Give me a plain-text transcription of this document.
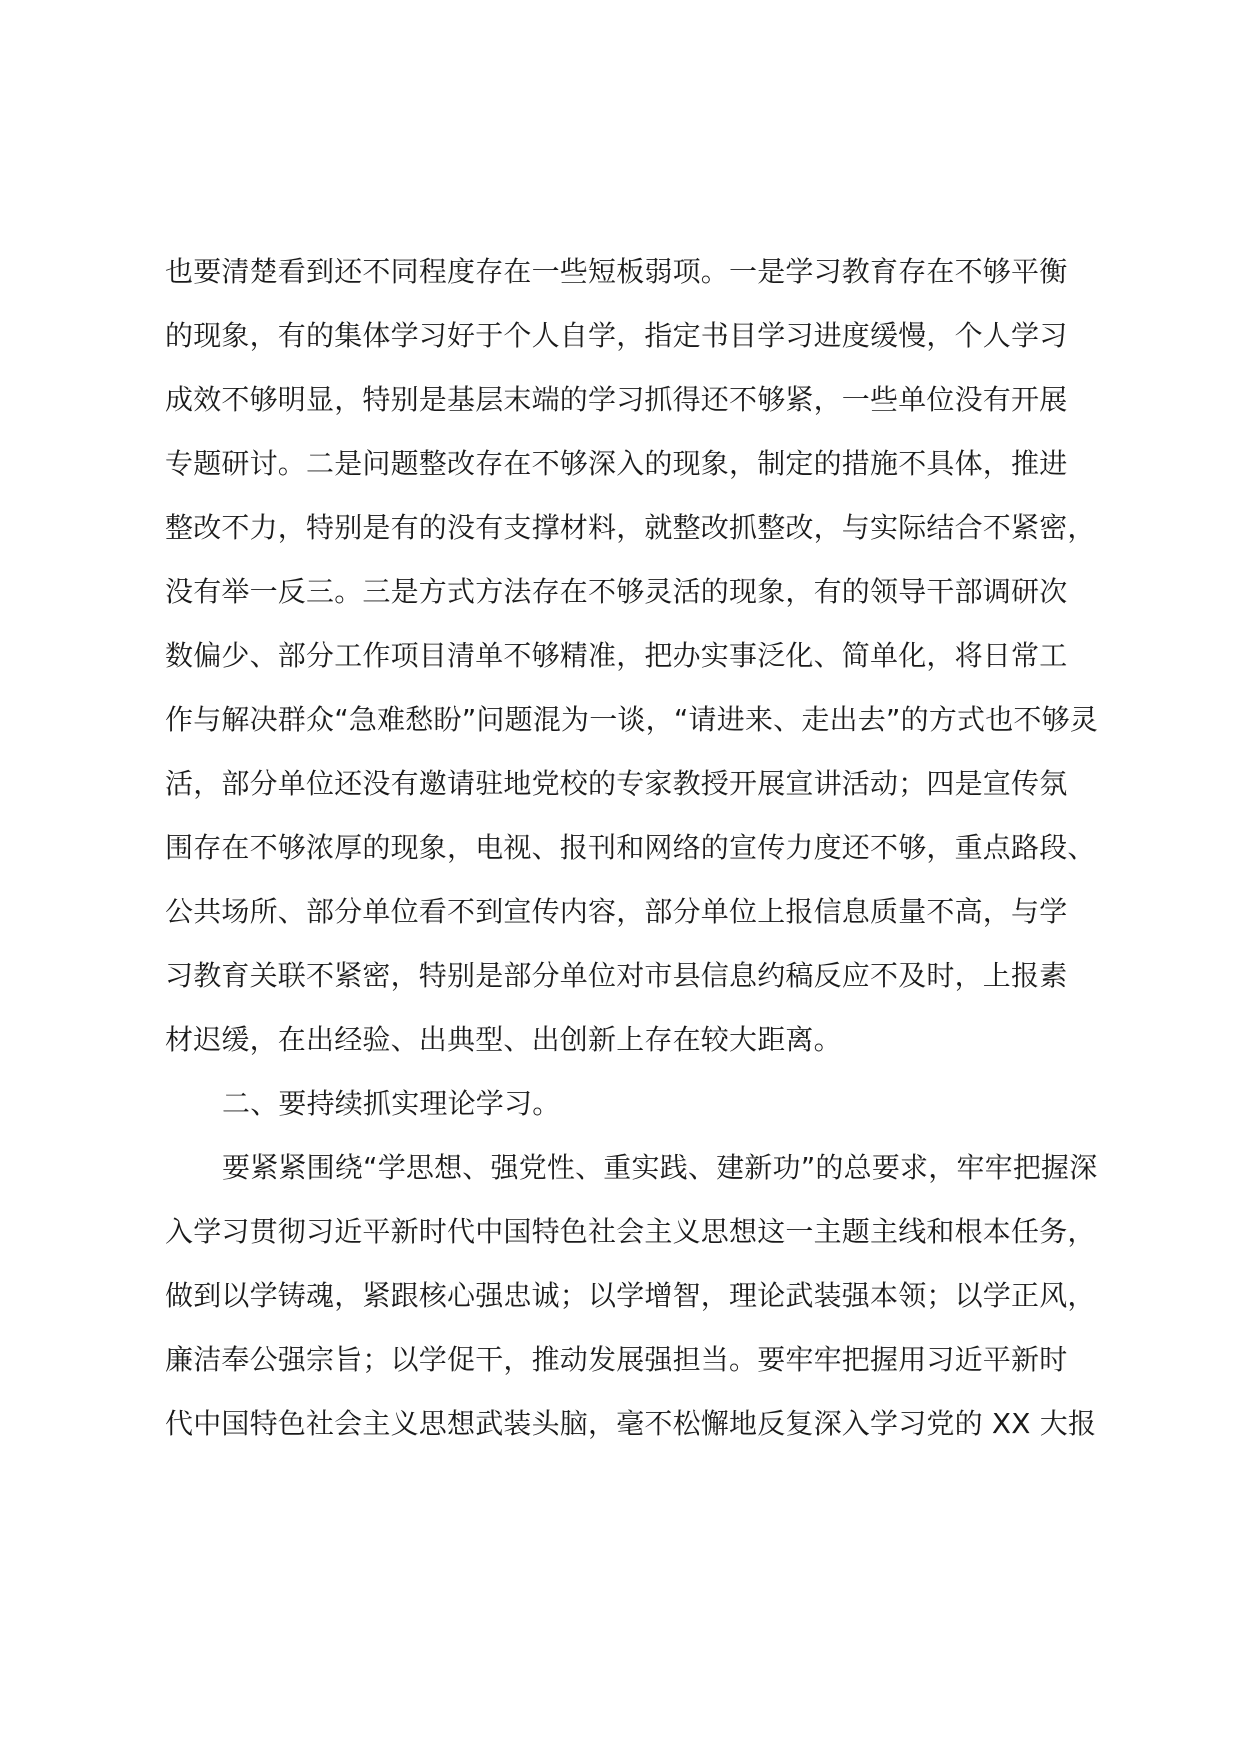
也要清楚看到还不同程度存在一些短板弱项。一是学习教育存在不够平衡
的现象，有的集体学习好于个人自学，指定书目学习进度缓慢，个人学习
成效不够明显，特别是基层末端的学习抓得还不够紧，一些单位没有开展
专题研讨。二是问题整改存在不够深入的现象，制定的措施不具体，推进
整改不力，特别是有的没有支撑材料，就整改抓整改，与实际结合不紧密，
没有举一反三。三是方式方法存在不够灵活的现象，有的领导干部调研次
数偏少、部分工作项目清单不够精准，把办实事泛化、简单化，将日常工
作与解决群众“急难愁盼”问题混为一谈，“请进来、走出去”的方式也不够灵
活，部分单位还没有邀请驻地党校的专家教授开展宣讲活动；四是宣传氛
围存在不够浓厚的现象，电视、报刊和网络的宣传力度还不够，重点路段、
公共场所、部分单位看不到宣传内容，部分单位上报信息质量不高，与学
习教育关联不紧密，特别是部分单位对市县信息约稿反应不及时，上报素
材迟缓，在出经验、出典型、出创新上存在较大距离。
二、要持续抓实理论学习。
要紧紧围绕“学思想、强党性、重实践、建新功”的总要求，牢牢把握深
入学习贯彻习近平新时代中国特色社会主义思想这一主题主线和根本任务，
做到以学铸魂，紧跟核心强忠诚；以学增智，理论武装强本领；以学正风，
廉洁奉公强宗旨；以学促干，推动发展强担当。要牢牢把握用习近平新时
代中国特色社会主义思想武装头脑，毫不松懈地反复深入学习党的 XX 大报
